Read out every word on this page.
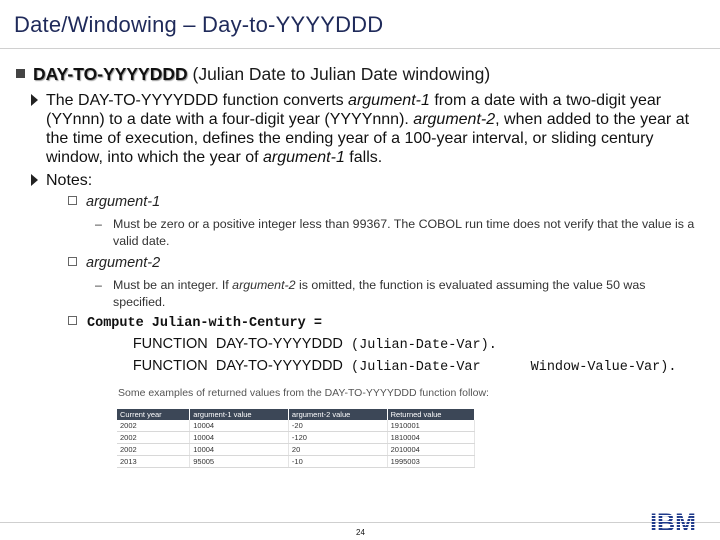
Date/Windowing – Day-to-YYYYDDD
DAY-TO-YYYYDDD (Julian Date to Julian Date windowing)
The DAY-TO-YYYYDDD function converts argument-1 from a date with a two-digit year (YYnnn) to a date with a four-digit year (YYYYnnn). argument-2, when added to the year at the time of execution, defines the ending year of a 100-year interval, or sliding century window, into which the year of argument-1 falls.
Notes:
argument-1
– Must be zero or a positive integer less than 99367. The COBOL run time does not verify that the value is a valid date.
argument-2
– Must be an integer. If argument-2 is omitted, the function is evaluated assuming the value 50 was specified.
Compute Julian-with-Century =
FUNCTION DAY-TO-YYYYDDD (Julian-Date-Var).
FUNCTION DAY-TO-YYYYDDD (Julian-Date-Var	Window-Value-Var).
Some examples of returned values from the DAY-TO-YYYYDDD function follow:
Current year	argument-1 value	argument-2 value	Returned value
2002	10004	-20	1910001
2002	10004	-120	1810004
2002	10004	20	2010004
2013	95005	-10	1995003
24	IBM
